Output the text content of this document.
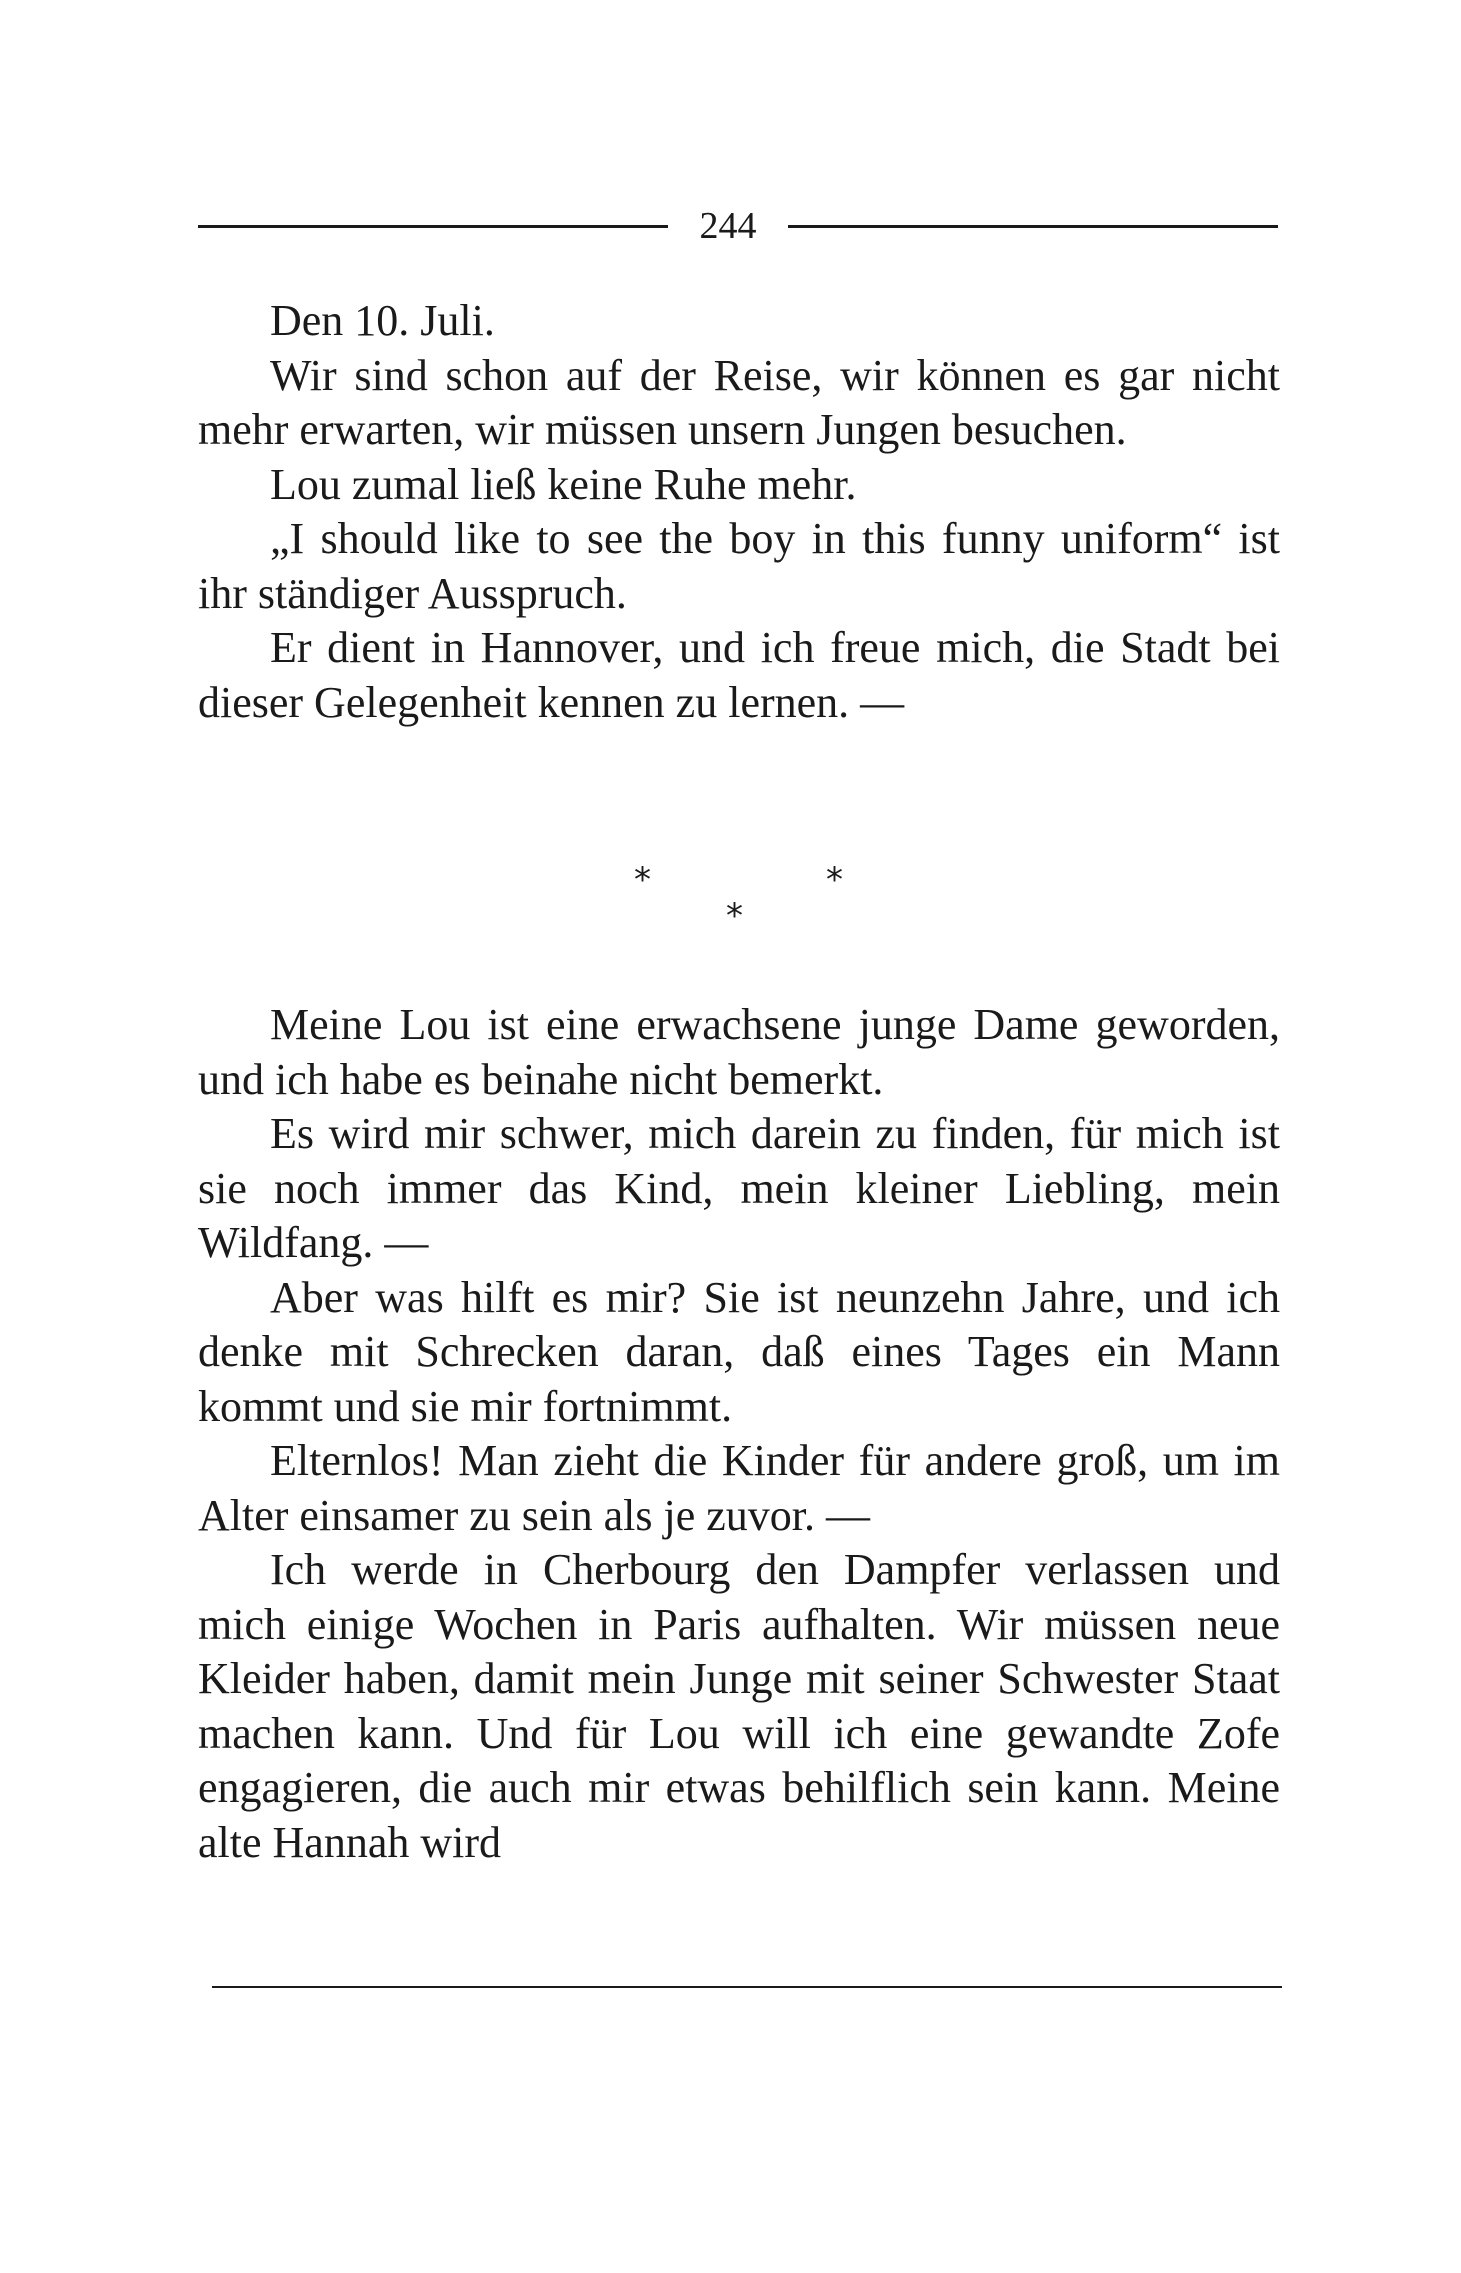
244

Den 10. Juli.

Wir sind schon auf der Reise, wir können es gar nicht mehr erwarten, wir müssen unsern Jungen besuchen.

Lou zumal ließ keine Ruhe mehr.

„I should like to see the boy in this funny uniform“ ist ihr ständiger Ausspruch.

Er dient in Hannover, und ich freue mich, die Stadt bei dieser Gelegenheit kennen zu lernen. —

*	*
*

Meine Lou ist eine erwachsene junge Dame geworden, und ich habe es beinahe nicht bemerkt.

Es wird mir schwer, mich darein zu finden, für mich ist sie noch immer das Kind, mein kleiner Liebling, mein Wildfang. —

Aber was hilft es mir? Sie ist neunzehn Jahre, und ich denke mit Schrecken daran, daß eines Tages ein Mann kommt und sie mir fortnimmt.

Elternlos! Man zieht die Kinder für andere groß, um im Alter einsamer zu sein als je zuvor. —

Ich werde in Cherbourg den Dampfer verlassen und mich einige Wochen in Paris aufhalten. Wir müssen neue Kleider haben, damit mein Junge mit seiner Schwester Staat machen kann. Und für Lou will ich eine gewandte Zofe engagieren, die auch mir etwas behilflich sein kann. Meine alte Hannah wird
